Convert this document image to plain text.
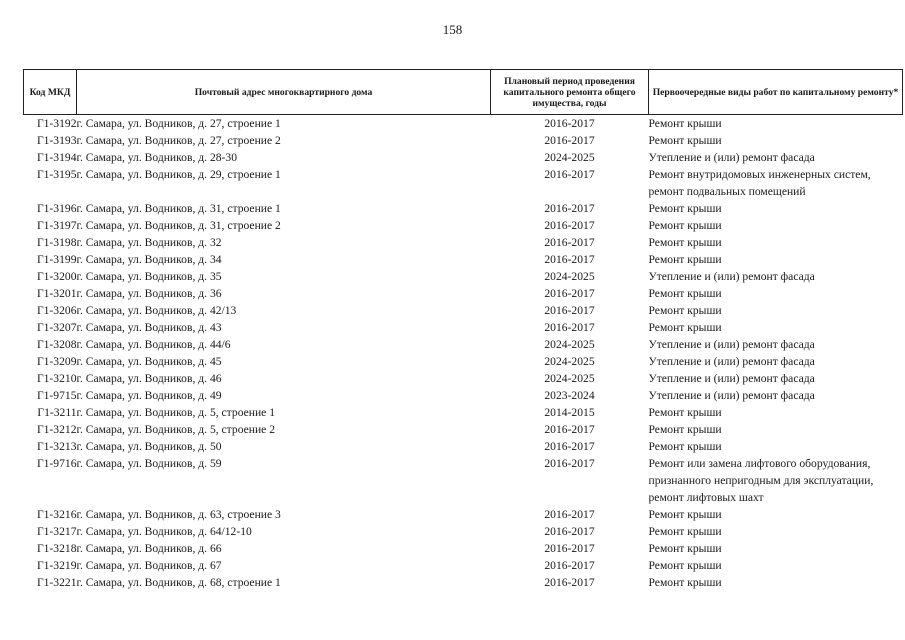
158
Код МКД	Почтовый адрес многоквартирного дома	Плановый период проведения капитального ремонта общего имущества, годы	Первоочередные виды работ по капитальному ремонту*
Г1-3192	г. Самара, ул. Водников, д. 27, строение 1	2016-2017	Ремонт крыши

Г1-3193	г. Самара, ул. Водников, д. 27, строение 2	2016-2017	Ремонт крыши

Г1-3194	г. Самара, ул. Водников, д. 28-30	2024-2025	Утепление и (или) ремонт фасада

Г1-3195	г. Самара, ул. Водников, д. 29, строение 1	2016-2017	Ремонт внутридомовых инженерных систем,
ремонт подвальных помещений

Г1-3196	г. Самара, ул. Водников, д. 31, строение 1	2016-2017	Ремонт крыши

Г1-3197	г. Самара, ул. Водников, д. 31, строение 2	2016-2017	Ремонт крыши

Г1-3198	г. Самара, ул. Водников, д. 32	2016-2017	Ремонт крыши

Г1-3199	г. Самара, ул. Водников, д. 34	2016-2017	Ремонт крыши

Г1-3200	г. Самара, ул. Водников, д. 35	2024-2025	Утепление и (или) ремонт фасада

Г1-3201	г. Самара, ул. Водников, д. 36	2016-2017	Ремонт крыши

Г1-3206	г. Самара, ул. Водников, д. 42/13	2016-2017	Ремонт крыши

Г1-3207	г. Самара, ул. Водников, д. 43	2016-2017	Ремонт крыши

Г1-3208	г. Самара, ул. Водников, д. 44/6	2024-2025	Утепление и (или) ремонт фасада

Г1-3209	г. Самара, ул. Водников, д. 45	2024-2025	Утепление и (или) ремонт фасада

Г1-3210	г. Самара, ул. Водников, д. 46	2024-2025	Утепление и (или) ремонт фасада

Г1-9715	г. Самара, ул. Водников, д. 49	2023-2024	Утепление и (или) ремонт фасада

Г1-3211	г. Самара, ул. Водников, д. 5, строение 1	2014-2015	Ремонт крыши

Г1-3212	г. Самара, ул. Водников, д. 5, строение 2	2016-2017	Ремонт крыши

Г1-3213	г. Самара, ул. Водников, д. 50	2016-2017	Ремонт крыши

Г1-9716	г. Самара, ул. Водников, д. 59	2016-2017	Ремонт или замена лифтового оборудования,
признанного непригодным для эксплуатации,
ремонт лифтовых шахт

Г1-3216	г. Самара, ул. Водников, д. 63, строение 3	2016-2017	Ремонт крыши

Г1-3217	г. Самара, ул. Водников, д. 64/12-10	2016-2017	Ремонт крыши

Г1-3218	г. Самара, ул. Водников, д. 66	2016-2017	Ремонт крыши

Г1-3219	г. Самара, ул. Водников, д. 67	2016-2017	Ремонт крыши

Г1-3221	г. Самара, ул. Водников, д. 68, строение 1	2016-2017	Ремонт крыши
